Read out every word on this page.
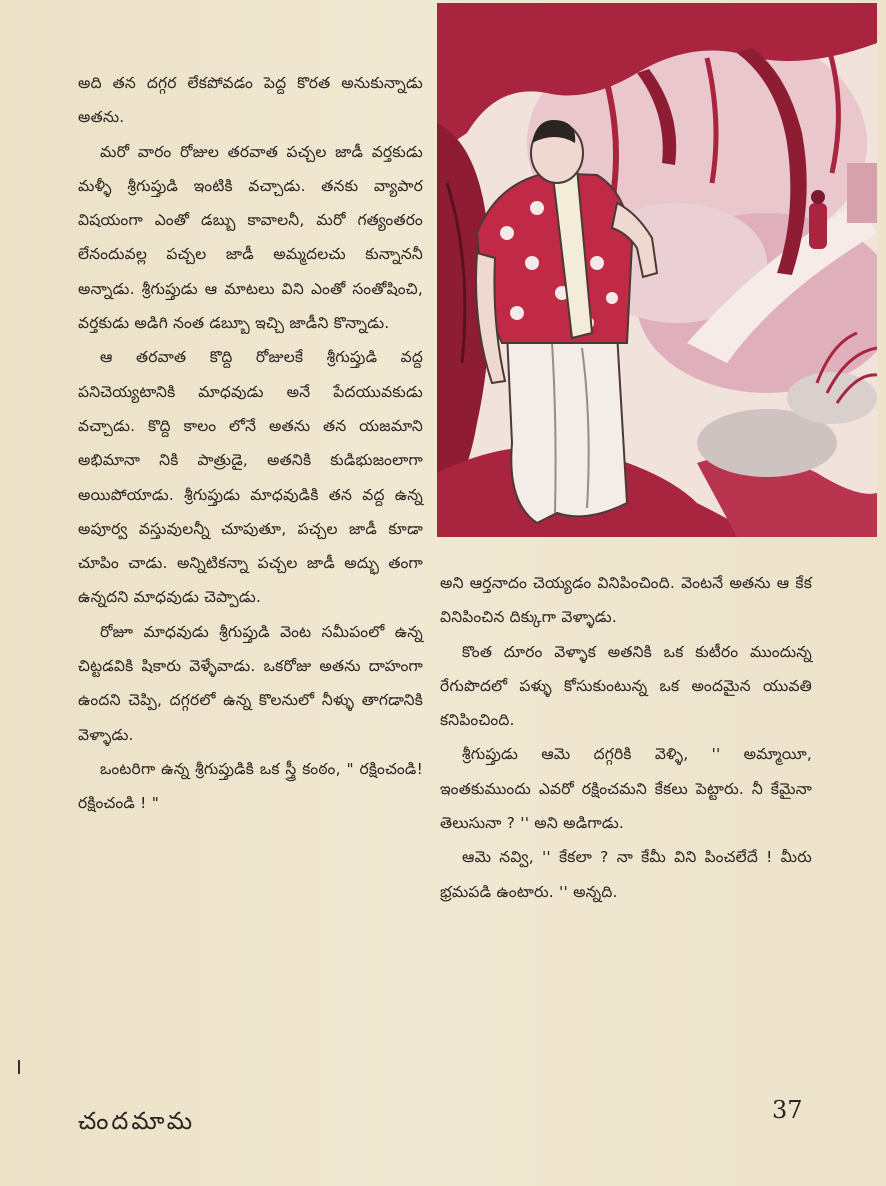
అది తన దగ్గర లేకపోవడం పెద్ద కొరత అనుకున్నాడు అతను.

మరో వారం రోజుల తరవాత పచ్చల జాడీ వర్తకుడు మళ్ళీ శ్రీగుప్తుడి ఇంటికి వచ్చాడు. తనకు వ్యాపార విషయంగా ఎంతో డబ్బు కావాలనీ, మరో గత్యంతరం లేనందువల్ల పచ్చల జాడీ అమ్మదలచు కున్నాననీ అన్నాడు. శ్రీగుప్తుడు ఆ మాటలు విని ఎంతో సంతోషించి, వర్తకుడు అడిగి నంత డబ్బూ ఇచ్చి జాడీని కొన్నాడు.

ఆ తరవాత కొద్ది రోజులకే శ్రీగుప్తుడి వద్ద పనిచెయ్యటానికి మాధవుడు అనే పేదయువకుడు వచ్చాడు. కొద్ది కాలం లోనే అతను తన యజమాని అభిమానా నికి పాత్రుడై, అతనికి కుడిభుజంలాగా అయిపోయాడు. శ్రీగుప్తుడు మాధవుడికి తన వద్ద ఉన్న అపూర్వ వస్తువులన్నీ చూపుతూ, పచ్చల జాడీ కూడా చూపిం చాడు. అన్నిటికన్నా పచ్చల జాడీ అద్భు తంగా ఉన్నదని మాధవుడు చెప్పాడు.

రోజూ మాధవుడు శ్రీగుప్తుడి వెంట సమీపంలో ఉన్న చిట్టడవికి షికారు వెళ్ళేవాడు. ఒకరోజు అతను దాహంగా ఉందని చెప్పి, దగ్గరలో ఉన్న కొలనులో నీళ్ళు తాగడానికి వెళ్ళాడు.

ఒంటరిగా ఉన్న శ్రీగుప్తుడికి ఒక స్త్రీ కంఠం, " రక్షించండి! రక్షించండి ! "

అని ఆర్తనాదం చెయ్యడం వినిపించింది. వెంటనే అతను ఆ కేక వినిపించిన దిక్కుగా వెళ్ళాడు.

కొంత దూరం వెళ్ళాక అతనికి ఒక కుటీరం ముందున్న రేగుపొదలో పళ్ళు కోసుకుంటున్న ఒక అందమైన యువతి కనిపించింది.

శ్రీగుప్తుడు ఆమె దగ్గరికి వెళ్ళి, '' అమ్మాయీ, ఇంతకుముందు ఎవరో రక్షించమని కేకలు పెట్టారు. నీ కేమైనా తెలుసునా ? '' అని అడిగాడు.

ఆమె నవ్వి, '' కేకలా ? నా కేమీ విని పించలేదే ! మీరు భ్రమపడి ఉంటారు. '' అన్నది.

చందమామ	37
